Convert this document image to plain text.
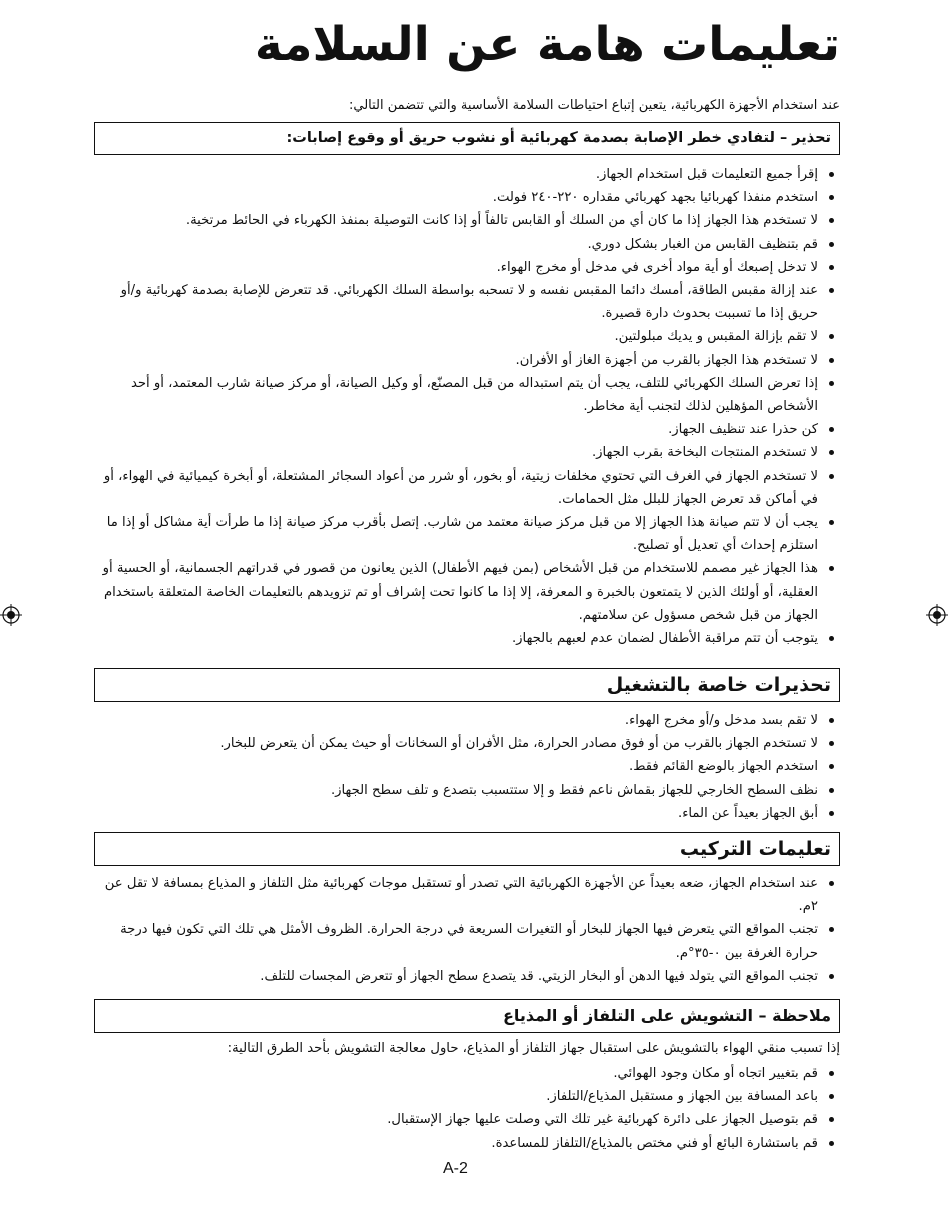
تعليمات هامة عن السلامة

عند استخدام الأجهزة الكهربائية، يتعين إتباع احتياطات السلامة الأساسية والتي تتضمن التالي:

تحذير – لتفادي خطر الإصابة بصدمة كهربائية أو نشوب حريق أو وقوع إصابات:
إقرأ جميع التعليمات قبل استخدام الجهاز.
استخدم منفذا كهربائيا بجهد كهربائي مقداره ٢٢٠-٢٤٠ فولت.
لا تستخدم هذا الجهاز إذا ما كان أي من السلك أو القابس تالفاً أو إذا كانت التوصيلة بمنفذ الكهرباء في الحائط مرتخية.
قم بتنظيف القابس من الغبار بشكل دوري.
لا تدخل إصبعك أو أية مواد أخرى في مدخل أو مخرج الهواء.
عند إزالة مقبس الطاقة، أمسك دائما المقبس نفسه و لا تسحبه بواسطة السلك الكهربائي. قد تتعرض للإصابة بصدمة كهربائية و/أو حريق إذا ما تسببت بحدوث دارة قصيرة.
لا تقم بإزالة المقبس و يديك مبلولتين.
لا تستخدم هذا الجهاز بالقرب من أجهزة الغاز أو الأفران.
إذا تعرض السلك الكهربائي للتلف، يجب أن يتم استبداله من قبل المصنّع، أو وكيل الصيانة، أو مركز صيانة شارب المعتمد، أو أحد الأشخاص المؤهلين لذلك لتجنب أية مخاطر.
كن حذرا عند تنظيف الجهاز.
لا تستخدم المنتجات البخاخة بقرب الجهاز.
لا تستخدم الجهاز في الغرف التي تحتوي مخلفات زيتية، أو بخور، أو شرر من أعواد السجائر المشتعلة، أو أبخرة كيميائية في الهواء، أو في أماكن قد تعرض الجهاز للبلل مثل الحمامات.
يجب أن لا تتم صيانة هذا الجهاز إلا من قبل مركز صيانة معتمد من شارب. إتصل بأقرب مركز صيانة إذا ما طرأت أية مشاكل أو إذا ما استلزم إحداث أي تعديل أو تصليح.
هذا الجهاز غير مصمم للاستخدام من قبل الأشخاص (بمن فيهم الأطفال) الذين يعانون من قصور في قدراتهم الجسمانية، أو الحسية أو العقلية، أو أولئك الذين لا يتمتعون بالخبرة و المعرفة، إلا إذا ما كانوا تحت إشراف أو تم تزويدهم بالتعليمات الخاصة المتعلقة باستخدام الجهاز من قبل شخص مسؤول عن سلامتهم.
يتوجب أن تتم مراقبة الأطفال لضمان عدم لعبهم بالجهاز.
تحذيرات خاصة بالتشغيل
لا تقم بسد مدخل و/أو مخرج الهواء.
لا تستخدم الجهاز بالقرب من أو فوق مصادر الحرارة، مثل الأفران أو السخانات أو حيث يمكن أن يتعرض للبخار.
استخدم الجهاز بالوضع القائم فقط.
نظف السطح الخارجي للجهاز بقماش ناعم فقط و إلا ستتسبب بتصدع و تلف سطح الجهاز.
أبق الجهاز بعيداً عن الماء.
تعليمات التركيب
عند استخدام الجهاز، ضعه بعيداً عن الأجهزة الكهربائية التي تصدر أو تستقبل موجات كهربائية مثل التلفاز و المذياع بمسافة لا تقل عن ٢م.
تجنب المواقع التي يتعرض فيها الجهاز للبخار أو التغيرات السريعة في درجة الحرارة. الظروف الأمثل هي تلك التي تكون فيها درجة حرارة الغرفة بين ٠-٣٥°م.
تجنب المواقع التي يتولد فيها الدهن أو البخار الزيتي. قد يتصدع سطح الجهاز أو تتعرض المجسات للتلف.
ملاحظة – التشويش على التلفاز أو المذياع

إذا تسبب منقي الهواء بالتشويش على استقبال جهاز التلفاز أو المذياع، حاول معالجة التشويش بأحد الطرق التالية:

قم بتغيير اتجاه أو مكان وجود الهوائي.
باعد المسافة بين الجهاز و مستقبل المذياع/التلفاز.
قم بتوصيل الجهاز على دائرة كهربائية غير تلك التي وصلت عليها جهاز الإستقبال.
قم باستشارة البائع أو فني مختص بالمذياع/التلفاز للمساعدة.
A-2
